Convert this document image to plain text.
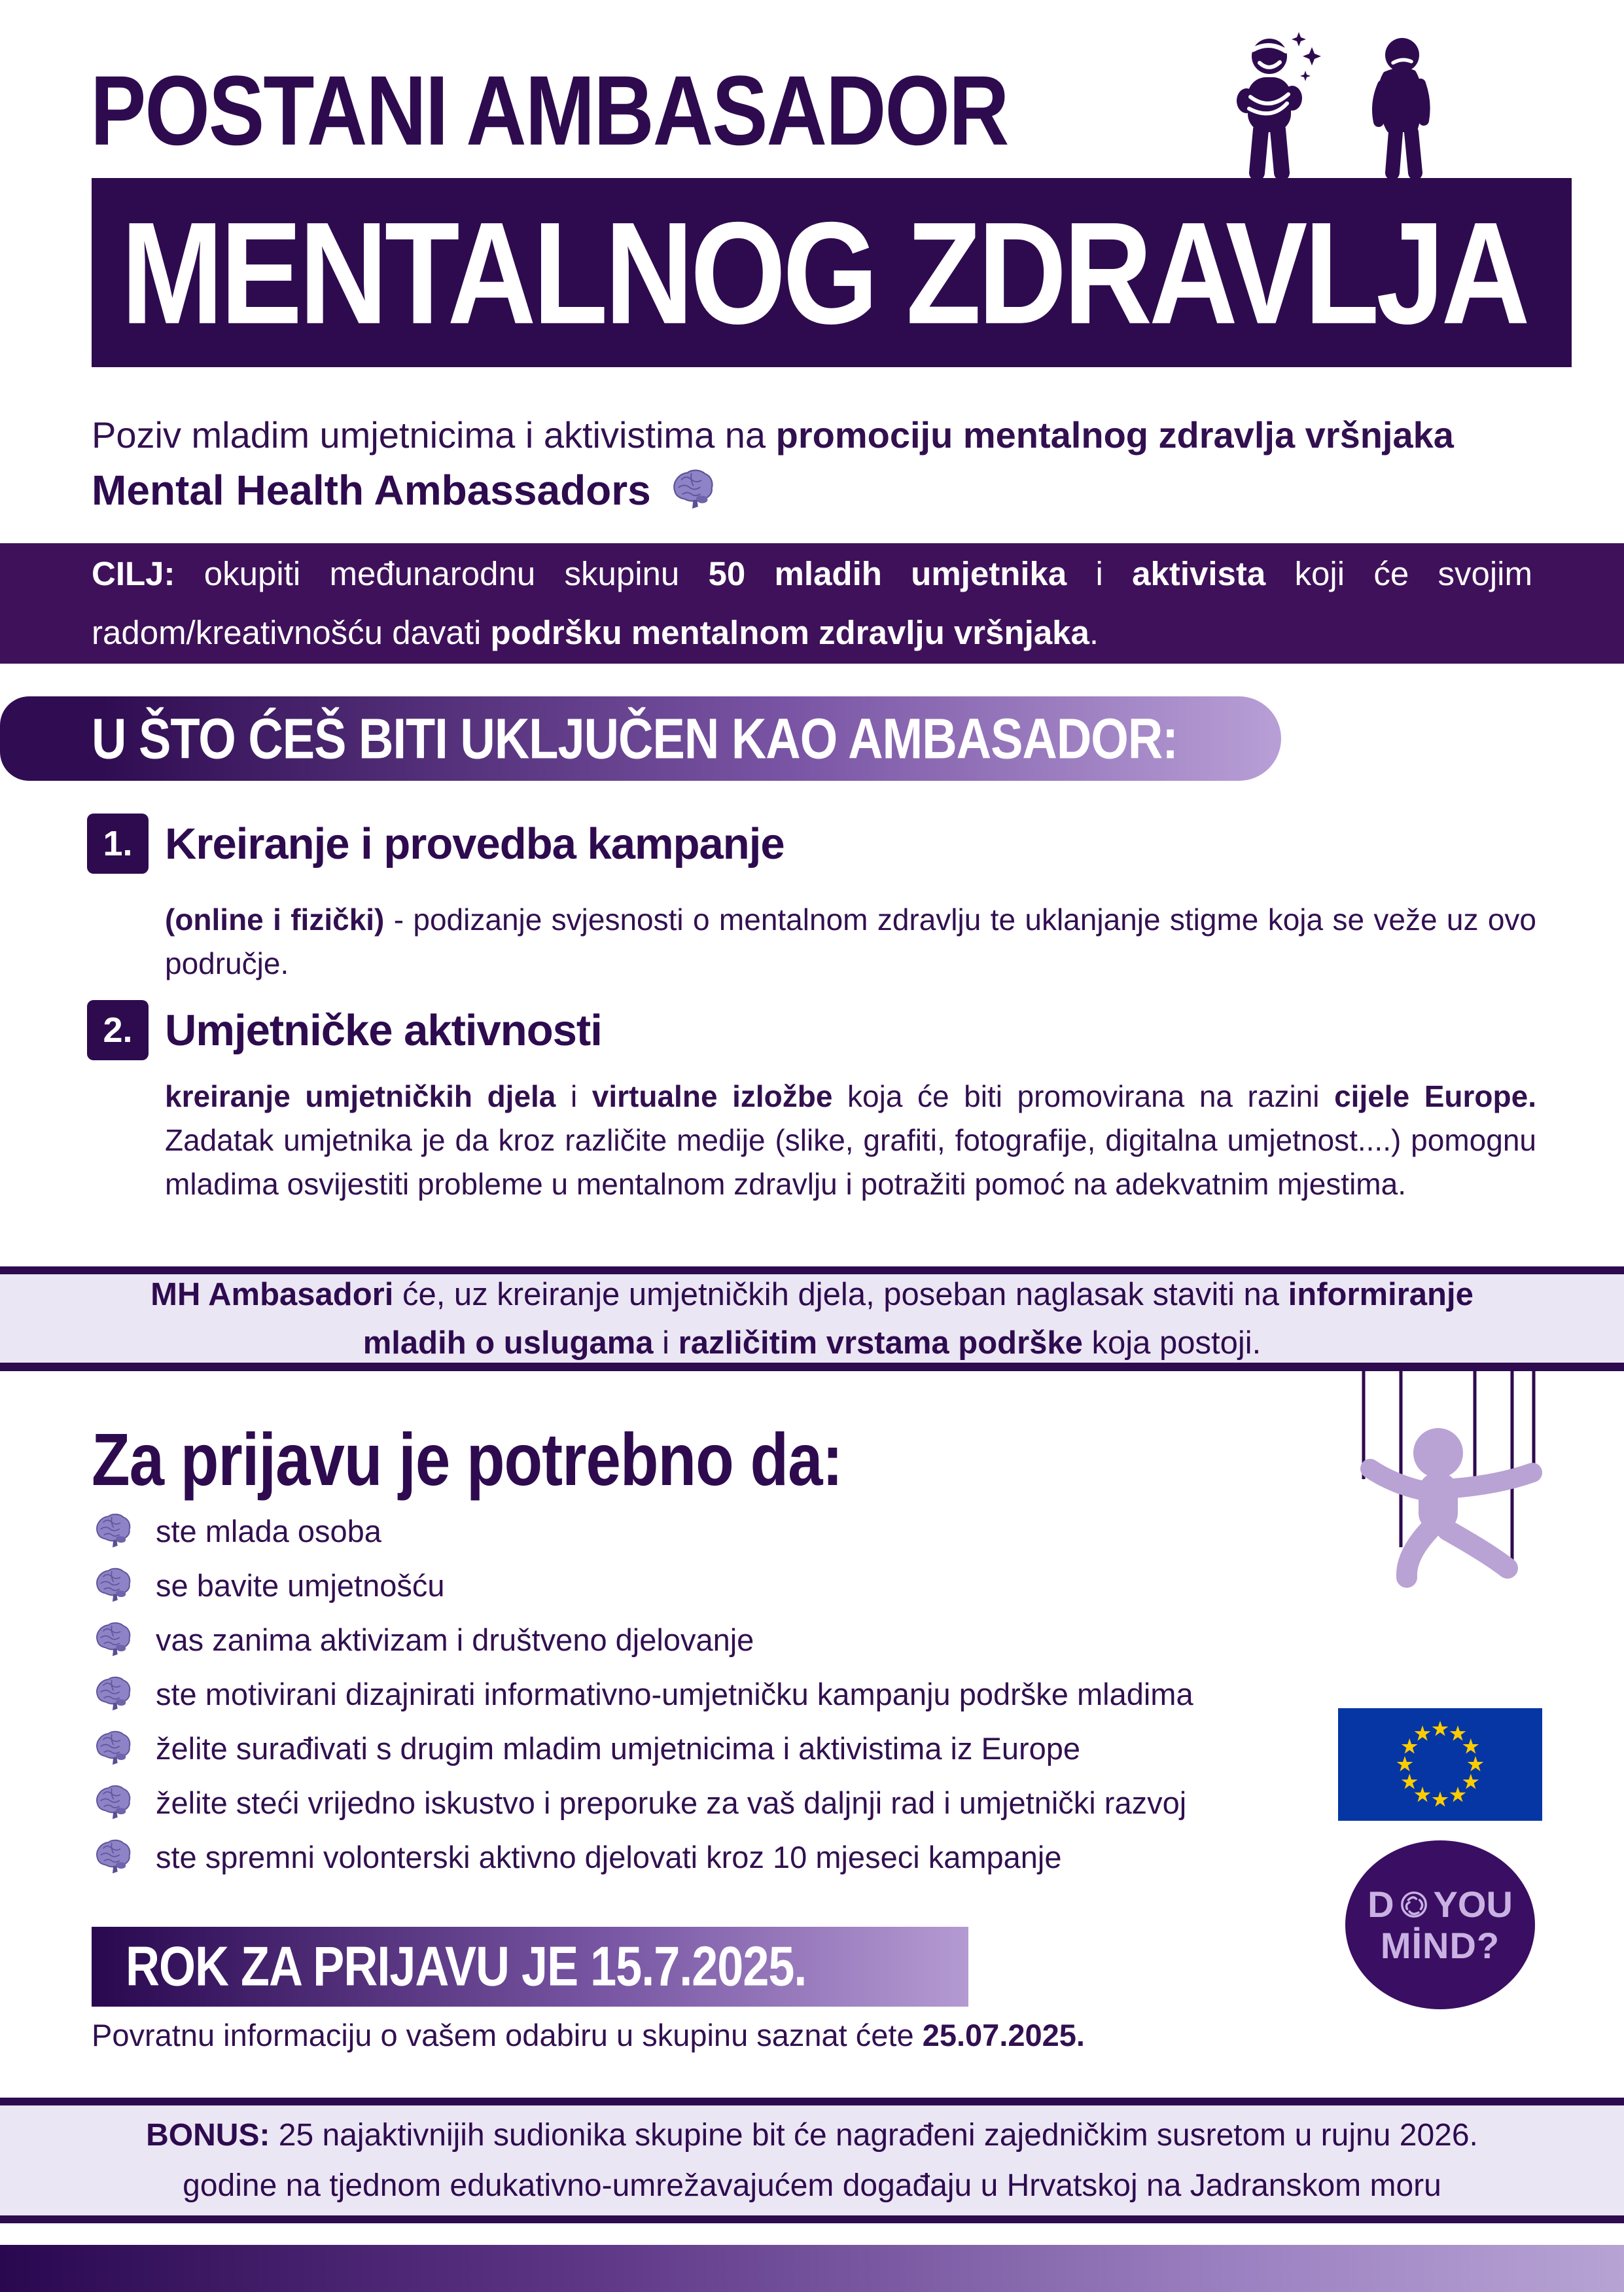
POSTANI AMBASADOR
MENTALNOG ZDRAVLJA
Poziv mladim umjetnicima i aktivistima na promociju mentalnog zdravlja vršnjaka
Mental Health Ambassadors

CILJ: okupiti međunarodnu skupinu 50 mladih umjetnika i aktivista koji će svojim radom/kreativnošću davati podršku mentalnom zdravlju vršnjaka.

U ŠTO ĆEŠ BITI UKLJUČEN KAO AMBASADOR:
1. Kreiranje i provedba kampanje

(online i fizički) - podizanje svjesnosti o mentalnom zdravlju te uklanjanje stigme koja se veže uz ovo područje.

2. Umjetničke aktivnosti

kreiranje umjetničkih djela i virtualne izložbe koja će biti promovirana na razini cijele Europe. Zadatak umjetnika je da kroz različite medije (slike, grafiti, fotografije, digitalna umjetnost....) pomognu mladima osvijestiti probleme u mentalnom zdravlju i potražiti pomoć na adekvatnim mjestima.

MH Ambasadori će, uz kreiranje umjetničkih djela, poseban naglasak staviti na informiranje mladih o uslugama i različitim vrstama podrške koja postoji.

Za prijavu je potrebno da:
ste mlada osoba
se bavite umjetnošću
vas zanima aktivizam i društveno djelovanje
ste motivirani dizajnirati informativno-umjetničku kampanju podrške mladima
želite surađivati s drugim mladim umjetnicima i aktivistima iz Europe
želite steći vrijedno iskustvo i preporuke za vaš daljnji rad i umjetnički razvoj
ste spremni volonterski aktivno djelovati kroz 10 mjeseci kampanje
D YOU
MİND?
ROK ZA PRIJAVU JE 15.7.2025.
Povratnu informaciju o vašem odabiru u skupinu saznat ćete 25.07.2025.

BONUS: 25 najaktivnijih sudionika skupine bit će nagrađeni zajedničkim susretom u rujnu 2026. godine na tjednom edukativno-umrežavajućem događaju u Hrvatskoj na Jadranskom moru
